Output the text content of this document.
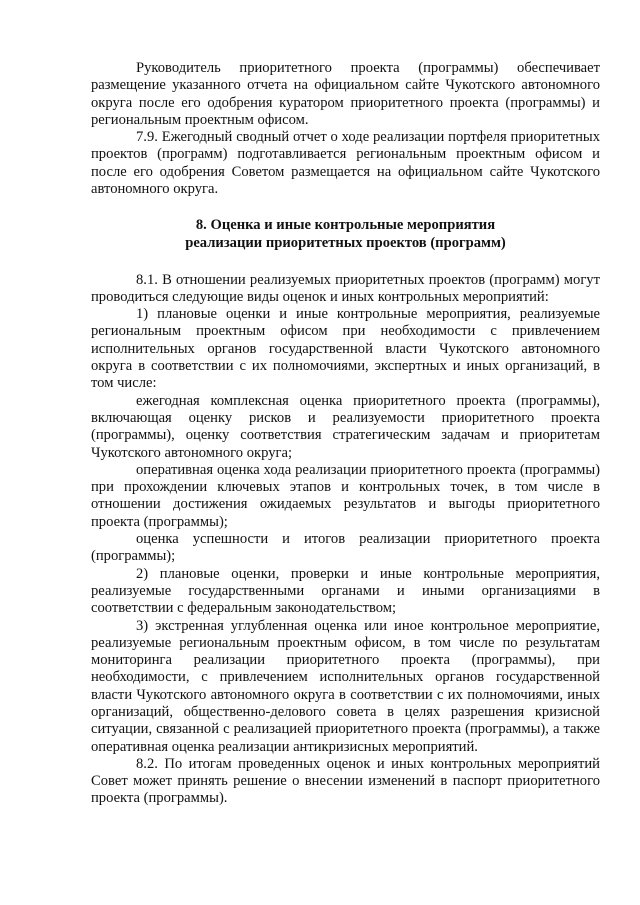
Руководитель приоритетного проекта (программы) обеспечивает размещение указанного отчета на официальном сайте Чукотского автономного округа после его одобрения куратором приоритетного проекта (программы) и региональным проектным офисом.

7.9. Ежегодный сводный отчет о ходе реализации портфеля приоритетных проектов (программ) подготавливается региональным проектным офисом и после его одобрения Советом размещается на официальном сайте Чукотского автономного округа.

8. Оценка и иные контрольные мероприятия
реализации приоритетных проектов (программ)

8.1. В отношении реализуемых приоритетных проектов (программ) могут проводиться следующие виды оценок и иных контрольных мероприятий:

1) плановые оценки и иные контрольные мероприятия, реализуемые региональным проектным офисом при необходимости с привлечением исполнительных органов государственной власти Чукотского автономного округа в соответствии с их полномочиями, экспертных и иных организаций, в том числе:

ежегодная комплексная оценка приоритетного проекта (программы), включающая оценку рисков и реализуемости приоритетного проекта (программы), оценку соответствия стратегическим задачам и приоритетам Чукотского автономного округа;

оперативная оценка хода реализации приоритетного проекта (программы) при прохождении ключевых этапов и контрольных точек, в том числе в отношении достижения ожидаемых результатов и выгоды приоритетного проекта (программы);

оценка успешности и итогов реализации приоритетного проекта (программы);

2) плановые оценки, проверки и иные контрольные мероприятия, реализуемые государственными органами и иными организациями в соответствии с федеральным законодательством;

3) экстренная углубленная оценка или иное контрольное мероприятие, реализуемые региональным проектным офисом, в том числе по результатам мониторинга реализации приоритетного проекта (программы), при необходимости, с привлечением исполнительных органов государственной власти Чукотского автономного округа в соответствии с их полномочиями, иных организаций, общественно-делового совета в целях разрешения кризисной ситуации, связанной с реализацией приоритетного проекта (программы), а также оперативная оценка реализации антикризисных мероприятий.

8.2. По итогам проведенных оценок и иных контрольных мероприятий Совет может принять решение о внесении изменений в паспорт приоритетного проекта (программы).
